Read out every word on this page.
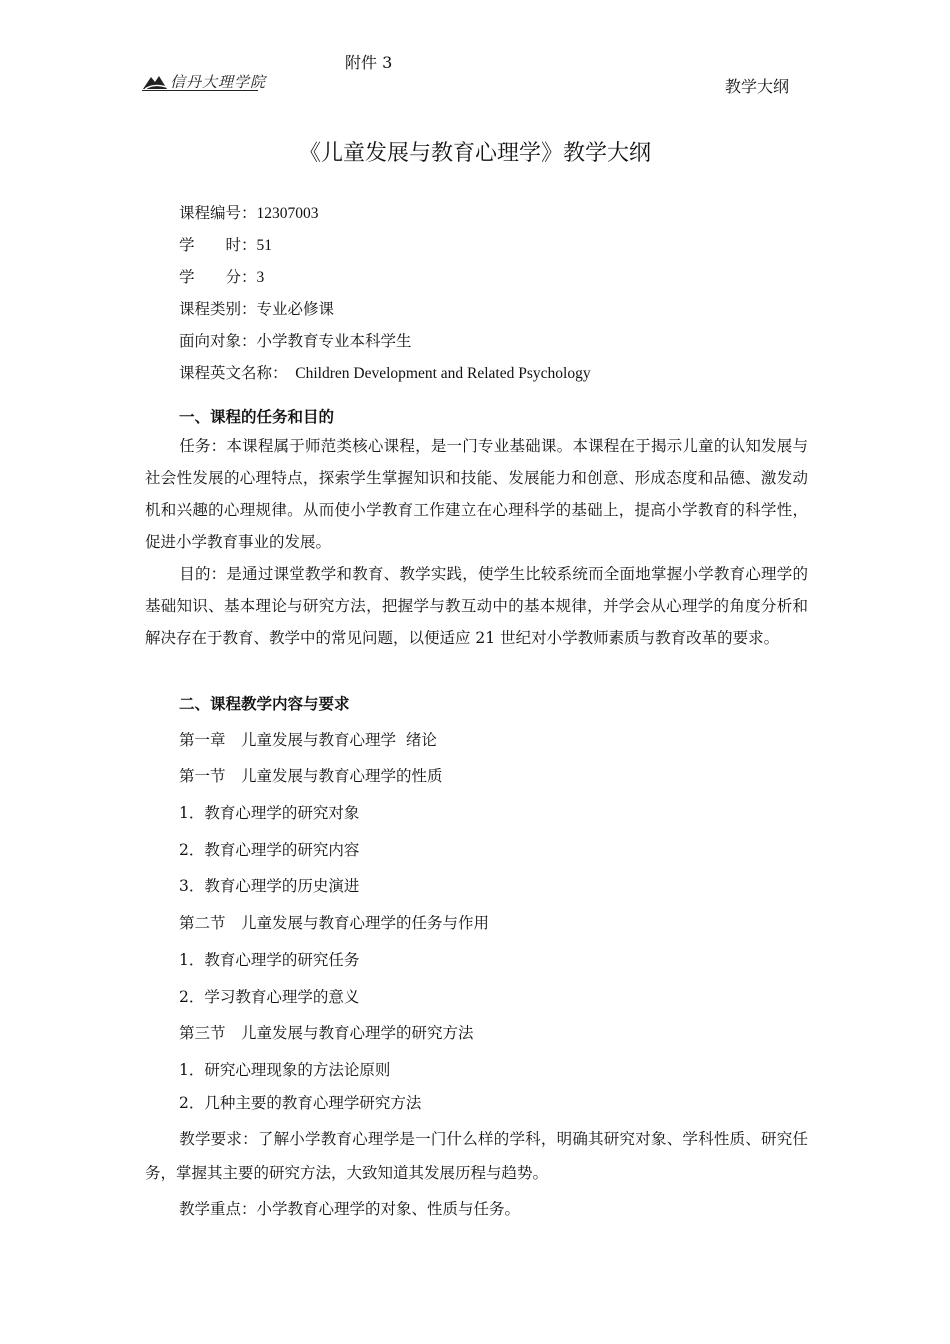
附件 3
信丹大理学院	教学大纲
《儿童发展与教育心理学》教学大纲
课程编号：12307003
学　　时：51
学　　分：3
课程类别：专业必修课
面向对象：小学教育专业本科学生
课程英文名称：  Children Development and Related Psychology
一、课程的任务和目的
任务：本课程属于师范类核心课程，是一门专业基础课。本课程在于揭示儿童的认知发展与社会性发展的心理特点，探索学生掌握知识和技能、发展能力和创意、形成态度和品德、激发动机和兴趣的心理规律。从而使小学教育工作建立在心理科学的基础上，提高小学教育的科学性，促进小学教育事业的发展。
目的：是通过课堂教学和教育、教学实践，使学生比较系统而全面地掌握小学教育心理学的基础知识、基本理论与研究方法，把握学与教互动中的基本规律，并学会从心理学的角度分析和解决存在于教育、教学中的常见问题，以便适应 21 世纪对小学教师素质与教育改革的要求。
二、课程教学内容与要求
第一章　儿童发展与教育心理学  绪论
第一节　儿童发展与教育心理学的性质
1．教育心理学的研究对象
2．教育心理学的研究内容
3．教育心理学的历史演进
第二节　儿童发展与教育心理学的任务与作用
1．教育心理学的研究任务
2．学习教育心理学的意义
第三节　儿童发展与教育心理学的研究方法
1．研究心理现象的方法论原则
2．几种主要的教育心理学研究方法
教学要求：了解小学教育心理学是一门什么样的学科，明确其研究对象、学科性质、研究任务，掌握其主要的研究方法，大致知道其发展历程与趋势。
教学重点：小学教育心理学的对象、性质与任务。
